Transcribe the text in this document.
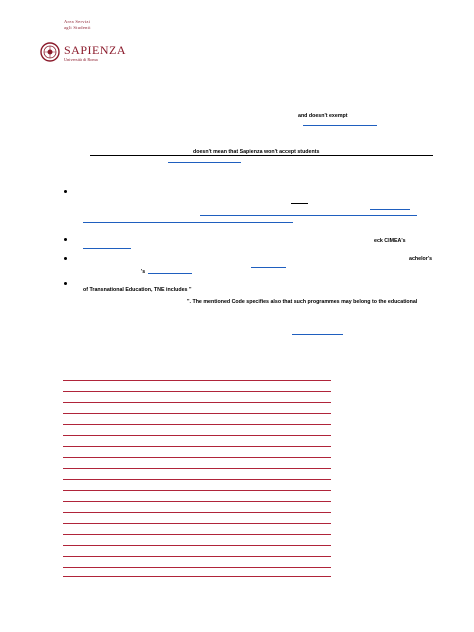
Area Servizi
agli Studenti
SAPIENZA
Università di Roma
and doesn't exempt
doesn't mean that Sapienza won't accept students
eck CIMEA's
achelor's
's
of Transnational Education, TNE includes "
". The mentioned Code specifies also that such programmes may belong to the educational
